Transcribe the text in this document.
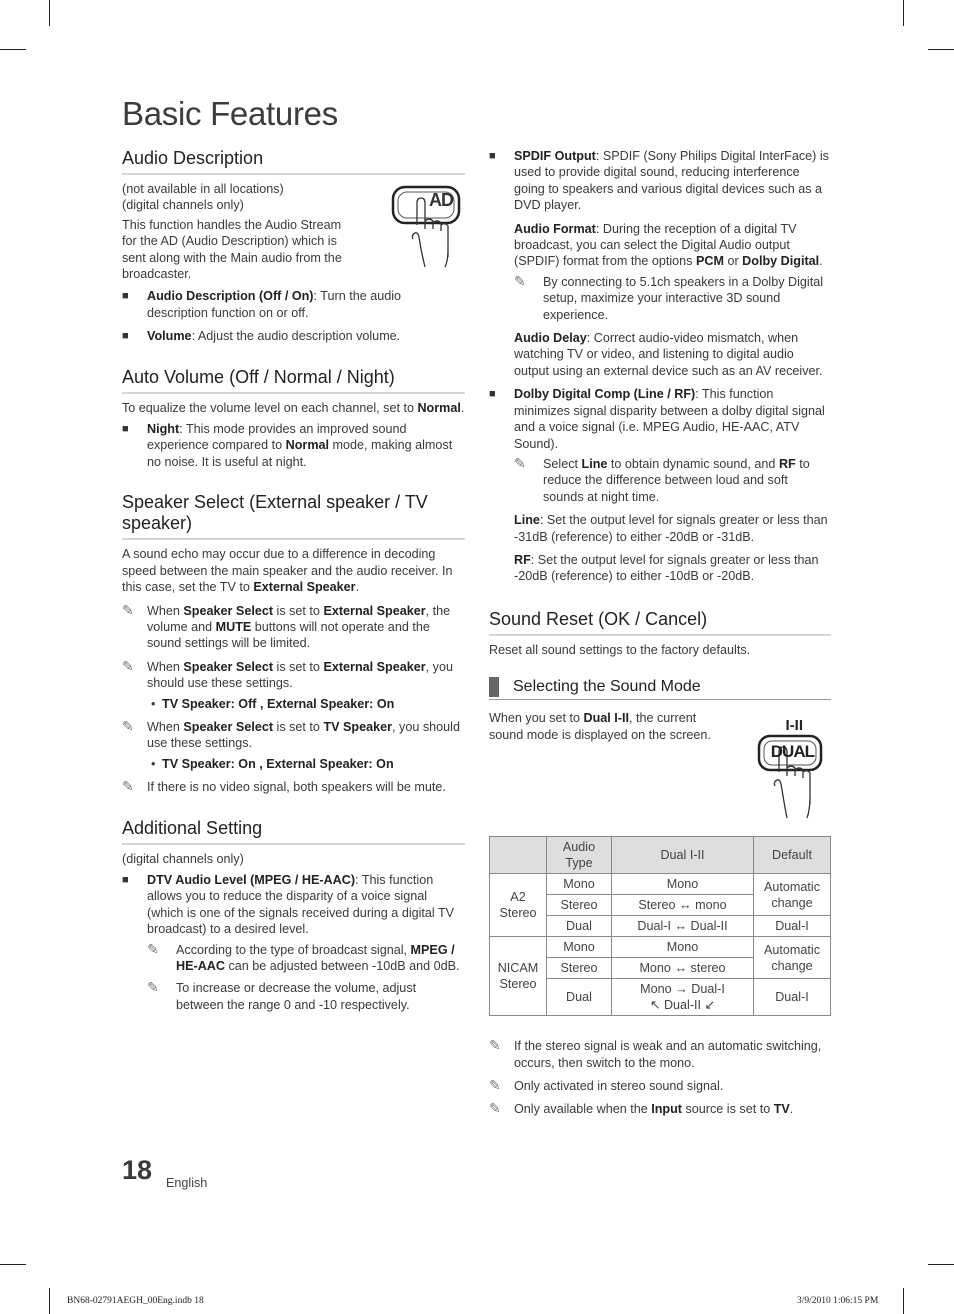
Basic Features
Audio Description
AD

(not available in all locations)

(digital channels only)

This function handles the Audio Stream for the AD (Audio Description) which is sent along with the Main audio from the broadcaster.

■ Audio Description (Off / On): Turn the audio description function on or off.
■ Volume: Adjust the audio description volume.
Auto Volume (Off / Normal / Night)

To equalize the volume level on each channel, set to Normal.

■ Night: This mode provides an improved sound experience compared to Normal mode, making almost no noise. It is useful at night.
Speaker Select (External speaker / TV speaker)

A sound echo may occur due to a difference in decoding speed between the main speaker and the audio receiver. In this case, set the TV to External Speaker.

✎ When Speaker Select is set to External Speaker, the volume and MUTE buttons will not operate and the sound settings will be limited.
✎ When Speaker Select is set to External Speaker, you should use these settings.
• TV Speaker: Off , External Speaker: On
✎ When Speaker Select is set to TV Speaker, you should use these settings.
• TV Speaker: On , External Speaker: On
✎ If there is no video signal, both speakers will be mute.
Additional Setting

(digital channels only)

■ DTV Audio Level (MPEG / HE-AAC): This function allows you to reduce the disparity of a voice signal (which is one of the signals received during a digital TV broadcast) to a desired level.
✎ According to the type of broadcast signal, MPEG / HE-AAC can be adjusted between -10dB and 0dB.
✎ To increase or decrease the volume, adjust between the range 0 and -10 respectively.
■ SPDIF Output: SPDIF (Sony Philips Digital InterFace) is used to provide digital sound, reducing interference going to speakers and various digital devices such as a DVD player.

Audio Format: During the reception of a digital TV broadcast, you can select the Digital Audio output (SPDIF) format from the options PCM or Dolby Digital.

✎ By connecting to 5.1ch speakers in a Dolby Digital setup, maximize your interactive 3D sound experience.

Audio Delay: Correct audio-video mismatch, when watching TV or video, and listening to digital audio output using an external device such as an AV receiver.

■ Dolby Digital Comp (Line / RF): This function minimizes signal disparity between a dolby digital signal and a voice signal (i.e. MPEG Audio, HE-AAC, ATV Sound).
✎ Select Line to obtain dynamic sound, and RF to reduce the difference between loud and soft sounds at night time.

Line: Set the output level for signals greater or less than -31dB (reference) to either -20dB or -31dB.

RF: Set the output level for signals greater or less than -20dB (reference) to either -10dB or -20dB.

Sound Reset (OK / Cancel)

Reset all sound settings to the factory defaults.

Selecting the Sound Mode

When you set to Dual I-II, the current sound mode is displayed on the screen.

I-II
DUAL
	Audio Type	Dual I-II	Default
A2 Stereo	Mono	Mono	Automatic change
	Stereo	Stereo ↔ mono	
	Dual	Dual-I ↔ Dual-II	Dual-I
NICAM Stereo	Mono	Mono	Automatic change
	Stereo	Mono ↔ stereo	
	Dual	Mono → Dual-I ↖ Dual-II ↙	Dual-I
✎ If the stereo signal is weak and an automatic switching, occurs, then switch to the mono.
✎ Only activated in stereo sound signal.
✎ Only available when the Input source is set to TV.
18 English
BN68-02791AEGH_00Eng.indb 18	3/9/2010 1:06:15 PM
